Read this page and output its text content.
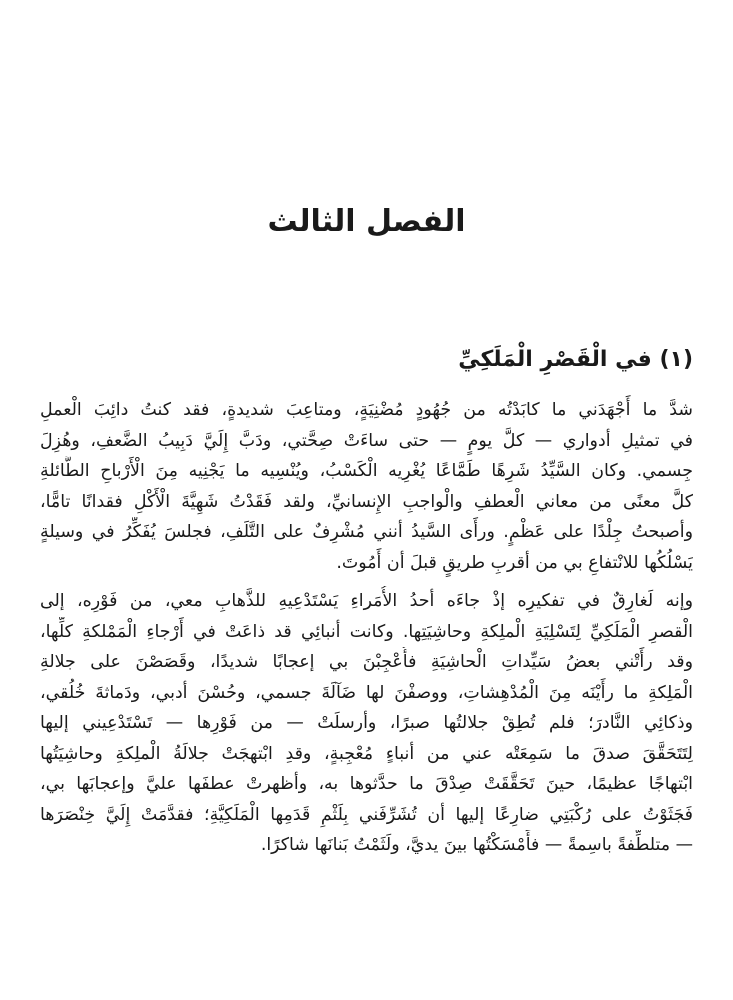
الفصل الثالث
(١) في الْقَصْرِ الْمَلَكِيِّ

شدَّ ما أَجْهَدَني ما كابَدْتُه من جُهُودٍ مُضْنِيَةٍ، ومتاعِبَ شديدةٍ، فقد كنتُ دائِبَ الْعملِ
في تمثيلِ أدواري — كلَّ يومٍ — حتى ساءَتْ صِحَّتي، ودَبَّ إِلَيَّ دَبِيبُ الضَّعفِ، وهُزِلَ
جِسمي. وكان السَّيِّدُ شَرِهًا طَمَّاعًا يُغْرِيه الْكَسْبُ، ويُنْسِيه ما يَجْنِيه مِنَ الْأَرْباحِ الطَّائلةِ
كلَّ معنًى من معاني الْعطفِ والْواجبِ الإِنسانيِّ، ولقد فَقَدْتُ شَهِيَّةَ الْأَكْلِ فقدانًا تامًّا،
وأصبحتُ جِلْدًا على عَظْمٍ. ورأَى السَّيدُ أنني مُشْرِفٌ على التَّلَفِ، فجلسَ يُفَكِّرُ في وسيلةٍ
يَسْلُكُها للانْتفاعِ بي من أقربِ طريقٍ قبلَ أن أَمُوتَ.

وإنه لَغارِقٌ في تفكيرِه إذْ جاءَه أحدُ الأُمَراءِ يَسْتَدْعِيهِ للذَّهابِ معي، من فَوْرِه، إلى
الْقصرِ الْمَلَكِيِّ لِتَسْلِيَةِ الْملِكةِ وحاشِيَتِها. وكانت أنبائِي قد ذاعَتْ في أَرْجاءِ الْمَمْلكةِ كلِّها،
وقد رأَتْني بعضُ سَيِّداتِ الْحاشِيَةِ فأُعْجِبْنَ بي إعجابًا شديدًا، وقَصَصْنَ على جلالةِ
الْمَلِكةِ ما رأَيْنَه مِنَ الْمُدْهِشاتِ، ووصفْنَ لها ضَآلَةَ جسمي، وحُسْنَ أدبي، ودَماثةَ خُلُقي،
وذكائِي النَّادرَ؛ فلم تُطِقْ جلالتُها صبرًا، وأرسلَتْ — من فَوْرِها — تَسْتَدْعِيني إليها
لِتَتَحَقَّقَ صدقَ ما سَمِعَتْه عني من أنباءٍ مُعْجِبةٍ، وقدِ ابْتهجَتْ جلالَةُ الْملِكةِ وحاشِيَتُها
ابْتهاجًا عظيمًا، حينَ تَحَقَّقَتْ صِدْقَ ما حدَّثوها به، وأظهرتْ عطفَها عليَّ وإعجابَها بي،
فَجَثَوْتُ على رُكْبَتِي ضارِعًا إليها أن تُشَرِّفَني بِلَثْمِ قَدَمِها الْمَلَكِيَّةِ؛ فقدَّمَتْ إِلَيَّ خِنْصَرَها
— متلطِّفةً باسِمةً — فأَمْسَكْتُها بينَ يديَّ، ولَثَمْتُ بَنانَها شاكرًا.
